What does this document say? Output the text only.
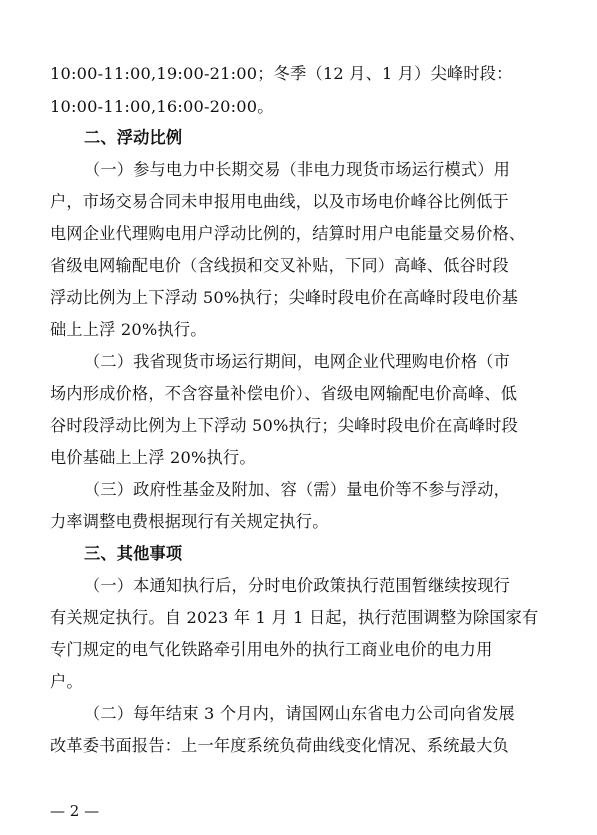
10:00-11:00,19:00-21:00；冬季（12 月、1 月）尖峰时段：
10:00-11:00,16:00-20:00。
二、浮动比例
（一）参与电力中长期交易（非电力现货市场运行模式）用
户，市场交易合同未申报用电曲线，以及市场电价峰谷比例低于
电网企业代理购电用户浮动比例的，结算时用户电能量交易价格、
省级电网输配电价（含线损和交叉补贴，下同）高峰、低谷时段
浮动比例为上下浮动 50%执行；尖峰时段电价在高峰时段电价基
础上上浮 20%执行。
（二）我省现货市场运行期间，电网企业代理购电价格（市
场内形成价格，不含容量补偿电价）、省级电网输配电价高峰、低
谷时段浮动比例为上下浮动 50%执行；尖峰时段电价在高峰时段
电价基础上上浮 20%执行。
（三）政府性基金及附加、容（需）量电价等不参与浮动，
力率调整电费根据现行有关规定执行。
三、其他事项
（一）本通知执行后，分时电价政策执行范围暂继续按现行
有关规定执行。自 2023 年 1 月 1 日起，执行范围调整为除国家有
专门规定的电气化铁路牵引用电外的执行工商业电价的电力用
户。
（二）每年结束 3 个月内，请国网山东省电力公司向省发展
改革委书面报告：上一年度系统负荷曲线变化情况、系统最大负
— 2 —
